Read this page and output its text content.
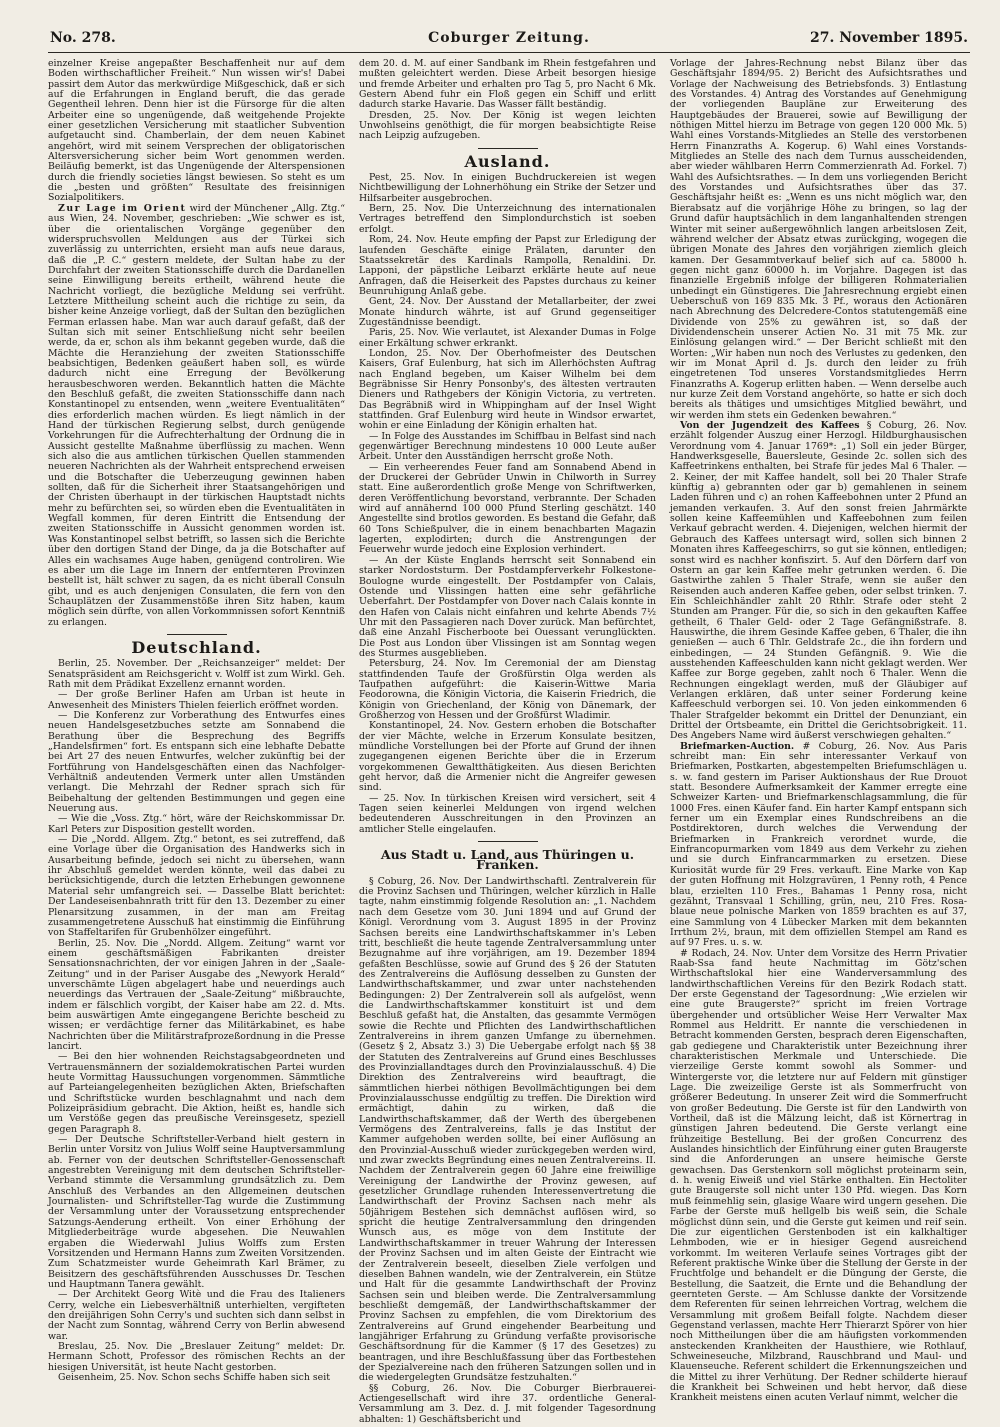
No. 278.	Coburger Zeitung.	27. November 1895.

einzelner Kreise angepaßter Beschaffenheit nur auf dem Boden wirthschaftlicher Freiheit.“ Nun wissen wir's! Dabei passirt dem Autor das merkwürdige Mißgeschick, daß er sich auf die Erfahrungen in England beruft, die das gerade Gegentheil lehren. Denn hier ist die Fürsorge für die alten Arbeiter eine so ungenügende, daß weitgehende Projekte einer gesetzlichen Versicherung mit staatlicher Subvention aufgetaucht sind. Chamberlain, der dem neuen Kabinet angehört, wird mit seinem Versprechen der obligatorischen Altersversicherung sicher beim Wort genommen werden. Beiläufig bemerkt, ist das Ungenügende der Alterspensionen durch die friendly societies längst bewiesen. So steht es um die „besten und größten“ Resultate des freisinnigen Sozialpolitikers.

Zur Lage im Orient wird der Münchener „Allg. Ztg.“ aus Wien, 24. November, geschrieben: „Wie schwer es ist, über die orientalischen Vorgänge gegenüber den widerspruchsvollen Meldungen aus der Türkei sich zuverlässig zu unterrichten, ersieht man aufs neue daraus, daß die „P. C.“ gestern meldete, der Sultan habe zu der Durchfahrt der zweiten Stationsschiffe durch die Dardanellen seine Einwilligung bereits ertheilt, während heute die Nachricht vorliegt, die bezügliche Meldung sei verfrüht. Letztere Mittheilung scheint auch die richtige zu sein, da bisher keine Anzeige vorliegt, daß der Sultan den bezüglichen Ferman erlassen habe. Man war auch darauf gefaßt, daß der Sultan sich mit seiner Entschließung nicht sehr beeilen werde, da er, schon als ihm bekannt gegeben wurde, daß die Mächte die Heranziehung der zweiten Stationsschiffe beabsichtigen, Bedenken geäußert haben soll, es würde dadurch nicht eine Erregung der Bevölkerung herausbeschworen werden. Bekanntlich hatten die Mächte den Beschluß gefaßt, die zweiten Stationsschiffe dann nach Konstantinopel zu entsenden, wenn „weitere Eventualitäten“ dies erforderlich machen würden. Es liegt nämlich in der Hand der türkischen Regierung selbst, durch genügende Vorkehrungen für die Aufrechterhaltung der Ordnung die in Aussicht gestellte Maßnahme überflüssig zu machen. Wenn sich also die aus amtlichen türkischen Quellen stammenden neueren Nachrichten als der Wahrheit entsprechend erweisen und die Botschafter die Ueberzeugung gewinnen haben sollten, daß für die Sicherheit ihrer Staatsangehörigen und der Christen überhaupt in der türkischen Hauptstadt nichts mehr zu befürchten sei, so würden eben die Eventualitäten in Wegfall kommen, für deren Eintritt die Entsendung der zweiten Stationsschiffe in Aussicht genommen worden ist. Was Konstantinopel selbst betrifft, so lassen sich die Berichte über den dortigen Stand der Dinge, da ja die Botschafter auf Alles ein wachsames Auge haben, genügend controliren. Wie es aber um die Lage im Innern der entfernteren Provinzen bestellt ist, hält schwer zu sagen, da es nicht überall Consuln gibt, und es auch denjenigen Consulaten, die fern von den Schauplätzen der Zusammenstöße ihren Sitz haben, kaum möglich sein dürfte, von allen Vorkommnissen sofort Kenntniß zu erlangen.

Deutschland.

Berlin, 25. November. Der „Reichsanzeiger“ meldet: Der Senatspräsident am Reichsgericht v. Wolff ist zum Wirkl. Geh. Rath mit dem Prädikat Exzellenz ernannt worden.

— Der große Berliner Hafen am Urban ist heute in Anwesenheit des Ministers Thielen feierlich eröffnet worden.

— Die Konferenz zur Vorberathung des Entwurfes eines neuen Handelsgesetzbuches setzte am Sonnabend die Berathung über die Besprechung des Begriffs „Handelsfirmen“ fort. Es entspann sich eine lebhafte Debatte bei Art 27 des neuen Entwurfes, welcher zukünftig bei der Fortführung von Handelsgeschäften einen das Nachfolger-Verhältniß andeutenden Vermerk unter allen Umständen verlangt. Die Mehrzahl der Redner sprach sich für Beibehaltung der geltenden Bestimmungen und gegen eine Neuerung aus.

— Wie die „Voss. Ztg.“ hört, wäre der Reichskommissar Dr. Karl Peters zur Disposition gestellt worden.

— Die „Nordd. Allgem. Ztg.“ betont, es sei zutreffend, daß eine Vorlage über die Organisation des Handwerks sich in Ausarbeitung befinde, jedoch sei nicht zu übersehen, wann ihr Abschluß gemeldet werden könnte, weil das dabei zu berücksichtigende, durch die letzten Erhebungen gewonnene Material sehr umfangreich sei. — Dasselbe Blatt berichtet: Der Landeseisenbahnrath tritt für den 13. Dezember zu einer Plenarsitzung zusammen, in der man am Freitag zusammengetretene Ausschuß hat einstimmig die Einführung von Staffeltarifen für Grubenhölzer eingeführt.

Berlin, 25. Nov. Die „Nordd. Allgem. Zeitung“ warnt vor einem geschäftsmäßigen Fabrikanten dreister Sensationsnachrichten, der vor einigen Jahren in der „Saale-Zeitung“ und in der Pariser Ausgabe des „Newyork Herald“ unverschämte Lügen abgelagert habe und neuerdings auch neuerdings das Vertrauen der „Saale-Zeitung“ mißbrauchte, indem er fälschlich vorgibt, der Kaiser habe am 22. d. Mts. beim auswärtigen Amte eingegangene Berichte bescheid zu wissen; er verdächtige ferner das Militärkabinet, es habe Nachrichten über die Militärstrafprozeßordnung in die Presse lancirt.

— Bei den hier wohnenden Reichstagsabgeordneten und Vertrauensmännern der sozialdemokratischen Partei wurden heute Vormittag Haussuchungen vorgenommen. Sämmtliche auf Parteiangelegenheiten bezüglichen Akten, Briefschaften und Schriftstücke wurden beschlagnahmt und nach dem Polizeipräsidium gebracht. Die Aktion, heißt es, handle sich um Verstöße gegen das preußische Vereinsgesetz, speziell gegen Paragraph 8.

— Der Deutsche Schriftsteller-Verband hielt gestern in Berlin unter Vorsitz von Julius Wolff seine Hauptversammlung ab. Ferner von der deutschen Schriftsteller-Genossenschaft angestrebten Vereinigung mit dem deutschen Schriftsteller-Verband stimmte die Versammlung grundsätzlich zu. Dem Anschluß des Verbandes an den Allgemeinen deutschen Journalisten- und Schriftsteller-Tag wurde die Zustimmung der Versammlung unter der Voraussetzung entsprechender Satzungs-Aenderung ertheilt. Von einer Erhöhung der Mitgliederbeiträge wurde abgesehen. Die Neuwahlen ergaben die Wiederwahl Julius Wolffs zum Ersten Vorsitzenden und Hermann Hanns zum Zweiten Vorsitzenden. Zum Schatzmeister wurde Geheimrath Karl Brämer, zu Beisitzern des geschäftsführenden Ausschusses Dr. Teschen und Hauptmann Tanera gewählt.

— Der Architekt Georg Witè und die Frau des Italieners Cerry, welche ein Liebesverhältniß unterhielten, vergifteten den dreijährigen Sohn Cerry's und suchten sich dann selbst in der Nacht zum Sonntag, während Cerry von Berlin abwesend war.

Breslau, 25. Nov. Die „Breslauer Zeitung“ meldet: Dr. Hermann Schott, Professor des römischen Rechts an der hiesigen Universität, ist heute Nacht gestorben.

Geisenheim, 25. Nov. Schon sechs Schiffe haben sich seit

dem 20. d. M. auf einer Sandbank im Rhein festgefahren und mußten geleichtert werden. Diese Arbeit besorgen hiesige und fremde Arbeiter und erhalten pro Tag 5, pro Nacht 6 Mk. Gestern Abend fuhr ein Floß gegen ein Schiff und erlitt dadurch starke Havarie. Das Wasser fällt beständig.

Dresden, 25. Nov. Der König ist wegen leichten Unwohlseins genöthigt, die für morgen beabsichtigte Reise nach Leipzig aufzugeben.

Ausland.

Pest, 25. Nov. In einigen Buchdruckereien ist wegen Nichtbewilligung der Lohnerhöhung ein Strike der Setzer und Hilfsarbeiter ausgebrochen.

Bern, 25. Nov. Die Unterzeichnung des internationalen Vertrages betreffend den Simplondurchstich ist soeben erfolgt.

Rom, 24. Nov. Heute empfing der Papst zur Erledigung der laufenden Geschäfte einige Prälaten, darunter den Staatssekretär des Kardinals Rampolla, Renaldini. Dr. Lapponi, der päpstliche Leibarzt erklärte heute auf neue Anfragen, daß die Heiserkeit des Papstes durchaus zu keiner Beunruhigung Anlaß gebe.

Gent, 24. Nov. Der Ausstand der Metallarbeiter, der zwei Monate hindurch währte, ist auf Grund gegenseitiger Zugeständnisse beendigt.

Paris, 25. Nov. Wie verlautet, ist Alexander Dumas in Folge einer Erkältung schwer erkrankt.

London, 25. Nov. Der Oberhofmeister des Deutschen Kaisers, Graf Eulenburg, hat sich im Allerhöchsten Auftrag nach England begeben, um Kaiser Wilhelm bei dem Begräbnisse Sir Henry Ponsonby's, des ältesten vertrauten Dieners und Rathgebers der Königin Victoria, zu vertreten. Das Begräbniß wird in Whippingham auf der Insel Wight stattfinden. Graf Eulenburg wird heute in Windsor erwartet, wohin er eine Einladung der Königin erhalten hat.

— In Folge des Ausstandes im Schiffbau in Belfast sind nach gegenwärtiger Berechnung mindestens 10 000 Leute außer Arbeit. Unter den Ausständigen herrscht große Noth.

— Ein verheerendes Feuer fand am Sonnabend Abend in der Druckerei der Gebrüder Unwin in Chilworth in Surrey statt. Eine außerordentlich große Menge von Schriftwerken, deren Veröffentlichung bevorstand, verbrannte. Der Schaden wird auf annähernd 100 000 Pfund Sterling geschätzt. 140 Angestellte sind brotlos geworden. Es bestand die Gefahr, daß 60 Tons Schießpulver, die in einem benachbarten Magazin lagerten, explodirten; durch die Anstrengungen der Feuerwehr wurde jedoch eine Explosion verhindert.

— An der Küste Englands herrscht seit Sonnabend ein starker Nordoststurm. Der Postdampferverkehr Folkestone-Boulogne wurde eingestellt. Der Postdampfer von Calais, Ostende und Vlissingen hatten eine sehr gefährliche Ueberfahrt. Der Postdampfer von Dover nach Calais konnte in den Hafen von Calais nicht einfahren und kehrte Abends 7½ Uhr mit den Passagieren nach Dover zurück. Man befürchtet, daß eine Anzahl Fischerboote bei Ouessant verunglückten. Die Post aus London über Vlissingen ist am Sonntag wegen des Sturmes ausgeblieben.

Petersburg, 24. Nov. Im Ceremonial der am Dienstag stattfindenden Taufe der Großfürstin Olga werden als Taufpathen aufgeführt: die Kaiserin-Wittwe Maria Feodorowna, die Königin Victoria, die Kaiserin Friedrich, die Königin von Griechenland, der König von Dänemark, der Großherzog von Hessen und der Großfürst Wladimir.

Konstantinopel, 24. Nov. Gestern erhoben die Botschafter der vier Mächte, welche in Erzerum Konsulate besitzen, mündliche Vorstellungen bei der Pforte auf Grund der ihnen zugegangenen eigenen Berichte über die in Erzerum vorgekommenen Gewaltthätigkeiten. Aus diesen Berichten geht hervor, daß die Armenier nicht die Angreifer gewesen sind.

— 25. Nov. In türkischen Kreisen wird versichert, seit 4 Tagen seien keinerlei Meldungen von irgend welchen bedeutenderen Ausschreitungen in den Provinzen an amtlicher Stelle eingelaufen.

Aus Stadt u. Land, aus Thüringen u. Franken.

§ Coburg, 26. Nov. Der Landwirthschaftl. Zentralverein für die Provinz Sachsen und Thüringen, welcher kürzlich in Halle tagte, nahm einstimmig folgende Resolution an: „1. Nachdem nach dem Gesetze vom 30. Juni 1894 und auf Grund der Königl. Verordnung vom 3. August 1895 in der Provinz Sachsen bereits eine Landwirthschaftskammer in's Leben tritt, beschließt die heute tagende Zentralversammlung unter Bezugnahme auf ihre vorjährigen, am 19. Dezember 1894 gefaßten Beschlüsse, sowie auf Grund des § 26 der Statuten des Zentralvereins die Auflösung desselben zu Gunsten der Landwirthschaftskammer, und zwar unter nachstehenden Bedingungen: 2) Der Zentralverein soll als aufgelöst, wenn die Landwirthschaftskammer konstituirt ist und dem Beschluß gefaßt hat, die Anstalten, das gesammte Vermögen sowie die Rechte und Pflichten des Landwirthschaftlichen Zentralvereins in ihrem ganzen Umfange zu übernehmen. (Gesetz § 2, Absatz 3.) 3) Die Uebergabe erfolgt nach §§ 38 der Statuten des Zentralvereins auf Grund eines Beschlusses des Provinziallandtages durch den Provinzialausschuß. 4) Die Direktion des Zentralvereins wird beauftragt, die sämmtlichen hierbei nöthigen Bevollmächtigungen bei dem Provinzialausschusse endgültig zu treffen. Die Direktion wird ermächtigt, dahin zu wirken, daß die Landwirthschaftskammer, daß der Werth des übergebenen Vermögens des Zentralvereins, falls je das Institut der Kammer aufgehoben werden sollte, bei einer Auflösung an den Provinzial-Ausschuß wieder zurückgegeben werden wird, und zwar zweckts Begründung eines neuen Zentralvereins. II. Nachdem der Zentralverein gegen 60 Jahre eine freiwillige Vereinigung der Landwirthe der Provinz gewesen, auf gesetzlicher Grundlage ruhenden Interessenvertretung die Landwirthschaft der Provinz Sachsen nach mehr als 50jährigem Bestehen sich demnächst auflösen wird, so spricht die heutige Zentralversammlung den dringenden Wunsch aus, es möge von dem Institute der Landwirthschaftskammer in treuer Wahrung der Interessen der Provinz Sachsen und im alten Geiste der Eintracht wie der Zentralverein beseelt, dieselben Ziele verfolgen und dieselben Bahnen wandeln, wie der Zentralverein, ein Stütze und Halt für die gesammte Landwirthschaft der Provinz Sachsen sein und bleiben werde. Die Zentralversammlung beschließt demgemäß, der Landwirthschaftskammer der Provinz Sachsen zu empfehlen, die vom Direktorium des Zentralvereins auf Grund eingehender Bearbeitung und langjähriger Erfahrung zu Gründung verfaßte provisorische Geschäftsordnung für die Kammer (§ 17 des Gesetzes) zu beantragen, und ihre Beschlußfassung über das Fortbestehen der Spezialvereine nach den früheren Satzungen sollen und in die wiedergelegten Grundsätze festzuhalten.“

§§ Coburg, 26. Nov. Die Coburger Bierbrauerei-Actiengesellschaft wird ihre 37. ordentliche General-Versammlung am 3. Dez. d. J. mit folgender Tagesordnung abhalten: 1) Geschäftsbericht und

Vorlage der Jahres-Rechnung nebst Bilanz über das Geschäftsjahr 1894/95. 2) Bericht des Aufsichtsrathes und Vorlage der Nachweisung des Betriebsfonds. 3) Entlastung des Vorstandes. 4) Antrag des Vorstandes auf Genehmigung der vorliegenden Baupläne zur Erweiterung des Hauptgebäudes der Brauerei, sowie auf Bewilligung der nöthigen Mittel hierzu im Betrage von gegen 120 000 Mk. 5) Wahl eines Vorstands-Mitgliedes an Stelle des verstorbenen Herrn Finanzraths A. Kogerup. 6) Wahl eines Vorstands-Mitgliedes an Stelle des nach dem Turnus ausscheidenden, aber wieder wählbaren Herrn Commerzienrath Ad. Forkel. 7) Wahl des Aufsichtsrathes. — In dem uns vorliegenden Bericht des Vorstandes und Aufsichtsrathes über das 37. Geschäftsjahr heißt es: „Wenn es uns nicht möglich war, den Bierabsatz auf die vorjährige Höhe zu bringen, so lag der Grund dafür hauptsächlich in dem langanhaltenden strengen Winter mit seiner außergewöhnlich langen arbeitslosen Zeit, während welcher der Absatz etwas zurückging, wogegen die übrigen Monate des Jahres den vorjährigen ziemlich gleich kamen. Der Gesammtverkauf belief sich auf ca. 58000 h. gegen nicht ganz 60000 h. im Vorjahre. Dagegen ist das finanzielle Ergebniß infolge der billigeren Rohmaterialien unbedingt ein Günstigeres. Die Jahresrechnung ergiebt einen Ueberschuß von 169 835 Mk. 3 Pf., woraus den Actionären nach Abrechnung des Delcredere-Contos statutengemäß eine Dividende von 25% zu gewähren ist, so daß der Dividendenschein unserer Actien No. 31 mit 75 Mk. zur Einlösung gelangen wird.“ — Der Bericht schließt mit den Worten: „Wir haben nun noch des Verlustes zu gedenken, den wir im Monat April d. Js. durch den leider zu früh eingetretenen Tod unseres Vorstandsmitgliedes Herrn Finanzraths A. Kogerup erlitten haben. — Wenn derselbe auch nur kurze Zeit dem Vorstand angehörte, so hatte er sich doch bereits als thätiges und umsichtiges Mitglied bewährt, und wir werden ihm stets ein Gedenken bewahren.“

Von der Jugendzeit des Kaffees § Coburg, 26. Nov. erzählt folgender Auszug einer Herzogl. Hildburghausischen Verordnung vom 4. Januar 1769*: „1) Soll ein jeder Bürger, Handwerksgeselle, Bauersleute, Gesinde 2c. sollen sich des Kaffeetrinkens enthalten, bei Strafe für jedes Mal 6 Thaler. — 2. Keiner, der mit Kaffee handelt, soll bei 20 Thaler Strafe künftig a) gebrannten oder gar b) gemahlenen in seinem Laden führen und c) an rohen Kaffeebohnen unter 2 Pfund an jemanden verkaufen. 3. Auf den sonst freien Jahrmärkte sollen keine Kaffeemühlen und Kaffeebohnen zum feilen Verkauf gebracht werden. 4. Diejenigen, welchen hiermit der Gebrauch des Kaffees untersagt wird, sollen sich binnen 2 Monaten ihres Kaffeegeschirrs, so gut sie können, entledigen; sonst wird es nachher konfiszirt. 5. Auf den Dörfern darf von Ostern an gar kein Kaffee mehr getrunken werden. 6. Die Gastwirthe zahlen 5 Thaler Strafe, wenn sie außer den Reisenden auch anderen Kaffee geben, oder selbst trinken. 7. Ein Schleichhändler zahlt 20 Rthlr. Strafe oder steht 2 Stunden am Pranger. Für die, so sich in den gekauften Kaffee getheilt, 6 Thaler Geld- oder 2 Tage Gefängnißstrafe. 8. Hauswirthe, die ihrem Gesinde Kaffee geben, 6 Thaler, die ihn genießen — auch 6 Thlr. Geldstrafe 2c., die ihn fordern und einbedingen, — 24 Stunden Gefängniß. 9. Wie die ausstehenden Kaffeeschulden kann nicht geklagt werden. Wer Kaffee zur Borge gegeben, zahlt noch 6 Thaler. Wenn die Rechnungen eingeklagt werden, muß der Gläubiger auf Verlangen erklären, daß unter seiner Forderung keine Kaffeeschuld verborgen sei. 10. Von jeden einkommenden 6 Thaler Strafgelder bekommt ein Drittel der Denunziant, ein Drittel der Ortsbeamte, ein Drittel die Gerichtsobrigkeit. 11. Des Angebers Name wird äußerst verschwiegen gehalten.“

Briefmarken-Auction. # Coburg, 26. Nov. Aus Paris schreibt man: Ein sehr interessanter Verkauf von Briefmarken, Postkarten, abgestempelten Briefumschlägen u. s. w. fand gestern im Pariser Auktionshaus der Rue Drouot statt. Besondere Aufmerksamkeit der Kammer erregte eine Schweizer Karten- und Briefmarkenschlagsammlung, die für 1000 Fres. einen Käufer fand. Ein harter Kampf entspann sich ferner um ein Exemplar eines Rundschreibens an die Postdirektoren, durch welches die Verwendung der Briefmarken in Frankreich verordnet wurde, die Einfrancopurmarken vom 1849 aus dem Verkehr zu ziehen und sie durch Einfrancarmmarken zu ersetzen. Diese Kuriosität wurde für 29 Fres. verkauft. Eine Marke von Kap der guten Hoffnung mit Holzgravüren, 1 Penny roth, 4 Pence blau, erzielten 110 Fres., Bahamas 1 Penny rosa, nicht gezähnt, Transvaal 1 Schilling, grün, neu, 210 Fres. Rosa-blaue neue polnische Marken von 1859 brachten es auf 37, eine Sammlung von 4 Lübecker Marken mit dem bekannten Irrthum 2½, braun, mit dem offiziellen Stempel am Rand es auf 97 Fres. u. s. w.

# Rodach, 24. Nov. Unter dem Vorsitze des Herrn Privatier Raab-Ssa fand heute Nachmittag im Götz'schen Wirthschaftslokal hier eine Wanderversammlung des landwirthschaftlichen Vereins für den Bezirk Rodach statt. Der erste Gegenstand der Tagesordnung: „Wie erzielen wir eine gute Braugerste?“ spricht im freien Vortrage übergehender und ortsüblicher Weise Herr Verwalter Max Rommel aus Heldritt. Er nannte die verschiedenen in Betracht kommenden Gersten, besprach deren Eigenschaften, gab gediegene und Charakteristik unter Bezeichnung ihrer charakteristischen Merkmale und Unterschiede. Die vierzeilige Gerste kommt sowohl als Sommer- und Wintergerste vor, die letztere nur auf Feldern mit günstiger Lage. Die zweizeilige Gerste ist als Sommerfrucht von größerer Bedeutung. In unserer Zeit wird die Sommerfrucht von großer Bedeutung. Die Gerste ist für den Landwirth von Vortheil, daß ist die Mälzung leicht, daß ist Körnertrag in günstigen Jahren bedeutend. Die Gerste verlangt eine frühzeitige Bestellung. Bei der großen Concurrenz des Auslandes hinsichtlich der Einführung einer guten Braugerste sind die Anforderungen an unsere heimische Gerste gewachsen. Das Gerstenkorn soll möglichst proteinarm sein, d. h. wenig Eiweiß und viel Stärke enthalten. Ein Hectoliter gute Braugerste soll nicht unter 130 Pfd. wiegen. Das Korn muß feinmehlig sein, glasige Waare wird ungern gesehen. Die Farbe der Gerste muß hellgelb bis weiß sein, die Schale möglichst dünn sein, und die Gerste gut keimen und reif sein. Die zur eigentlichen Gerstenboden ist ein kalkhaltiger Lehmboden, wie er in hiesiger Gegend ausreichend vorkommt. Im weiteren Verlaufe seines Vortrages gibt der Referent praktische Winke über die Stellung der Gerste in der Fruchtfolge und behandelt er die Düngung der Gerste, die Bestellung, die Saatzeit, die Ernte und die Behandlung der geernteten Gerste. — Am Schlusse dankte der Vorsitzende dem Referenten für seinen lehrreichen Vortrag, welchem die Versammlung mit großem Beifall folgte. Nachdem dieser Gegenstand verlassen, machte Herr Thierarzt Spörer von hier noch Mittheilungen über die am häufigsten vorkommenden ansteckenden Krankheiten der Hausthiere, wie Rothlauf, Schweineseuche, Milzbrand, Rauschbrand und Maul- und Klauenseuche. Referent schildert die Erkennungszeichen und die Mittel zu ihrer Verhütung. Der Redner schilderte hierauf die Krankheit bei Schweinen und hebt hervor, daß diese Krankheit meistens einen acuten Verlauf nimmt, welcher die
